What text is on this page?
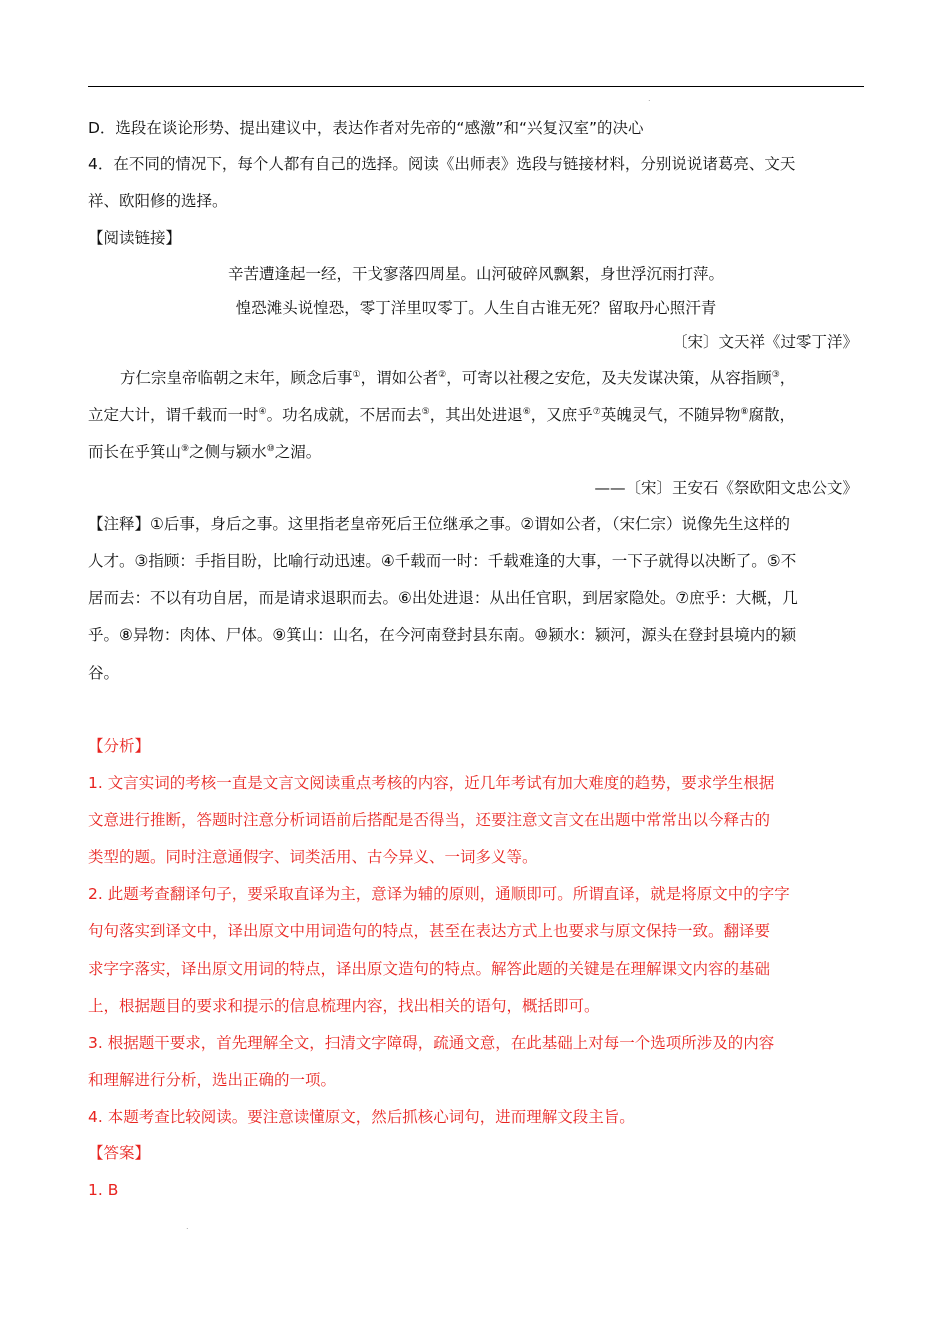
.
D．选段在谈论形势、提出建议中，表达作者对先帝的“感激”和“兴复汉室”的决心
4．在不同的情况下，每个人都有自己的选择。阅读《出师表》选段与链接材料，分别说说诸葛亮、文天
祥、欧阳修的选择。
【阅读链接】
辛苦遭逢起一经，干戈寥落四周星。山河破碎风飘絮，身世浮沉雨打萍。
惶恐滩头说惶恐，零丁洋里叹零丁。人生自古谁无死？留取丹心照汗青
〔宋〕文天祥《过零丁洋》
方仁宗皇帝临朝之末年，顾念后事①，谓如公者②，可寄以社稷之安危，及夫发谋决策，从容指顾③，
立定大计，谓千载而一时④。功名成就，不居而去⑤，其出处进退⑥，又庶乎⑦英魄灵气，不随异物⑧腐散，
而长在乎箕山⑨之侧与颍水⑩之湄。
——〔宋〕王安石《祭欧阳文忠公文》
【注释】①后事，身后之事。这里指老皇帝死后王位继承之事。②谓如公者，（宋仁宗）说像先生这样的
人才。③指顾：手指目盼，比喻行动迅速。④千载而一时：千载难逢的大事，一下子就得以决断了。⑤不
居而去：不以有功自居，而是请求退职而去。⑥出处进退：从出任官职，到居家隐处。⑦庶乎：大概，几
乎。⑧异物：肉体、尸体。⑨箕山：山名，在今河南登封县东南。⑩颍水：颍河，源头在登封县境内的颍
谷。
【分析】
1. 文言实词的考核一直是文言文阅读重点考核的内容，近几年考试有加大难度的趋势，要求学生根据
文意进行推断，答题时注意分析词语前后搭配是否得当，还要注意文言文在出题中常常出以今释古的
类型的题。同时注意通假字、词类活用、古今异义、一词多义等。
2. 此题考查翻译句子，要采取直译为主，意译为辅的原则，通顺即可。所谓直译，就是将原文中的字字
句句落实到译文中，译出原文中用词造句的特点，甚至在表达方式上也要求与原文保持一致。翻译要
求字字落实，译出原文用词的特点，译出原文造句的特点。解答此题的关键是在理解课文内容的基础
上，根据题目的要求和提示的信息梳理内容，找出相关的语句，概括即可。
3. 根据题干要求，首先理解全文，扫清文字障碍，疏通文意，在此基础上对每一个选项所涉及的内容
和理解进行分析，选出正确的一项。
4. 本题考查比较阅读。要注意读懂原文，然后抓核心词句，进而理解文段主旨。
【答案】
1. B
.
